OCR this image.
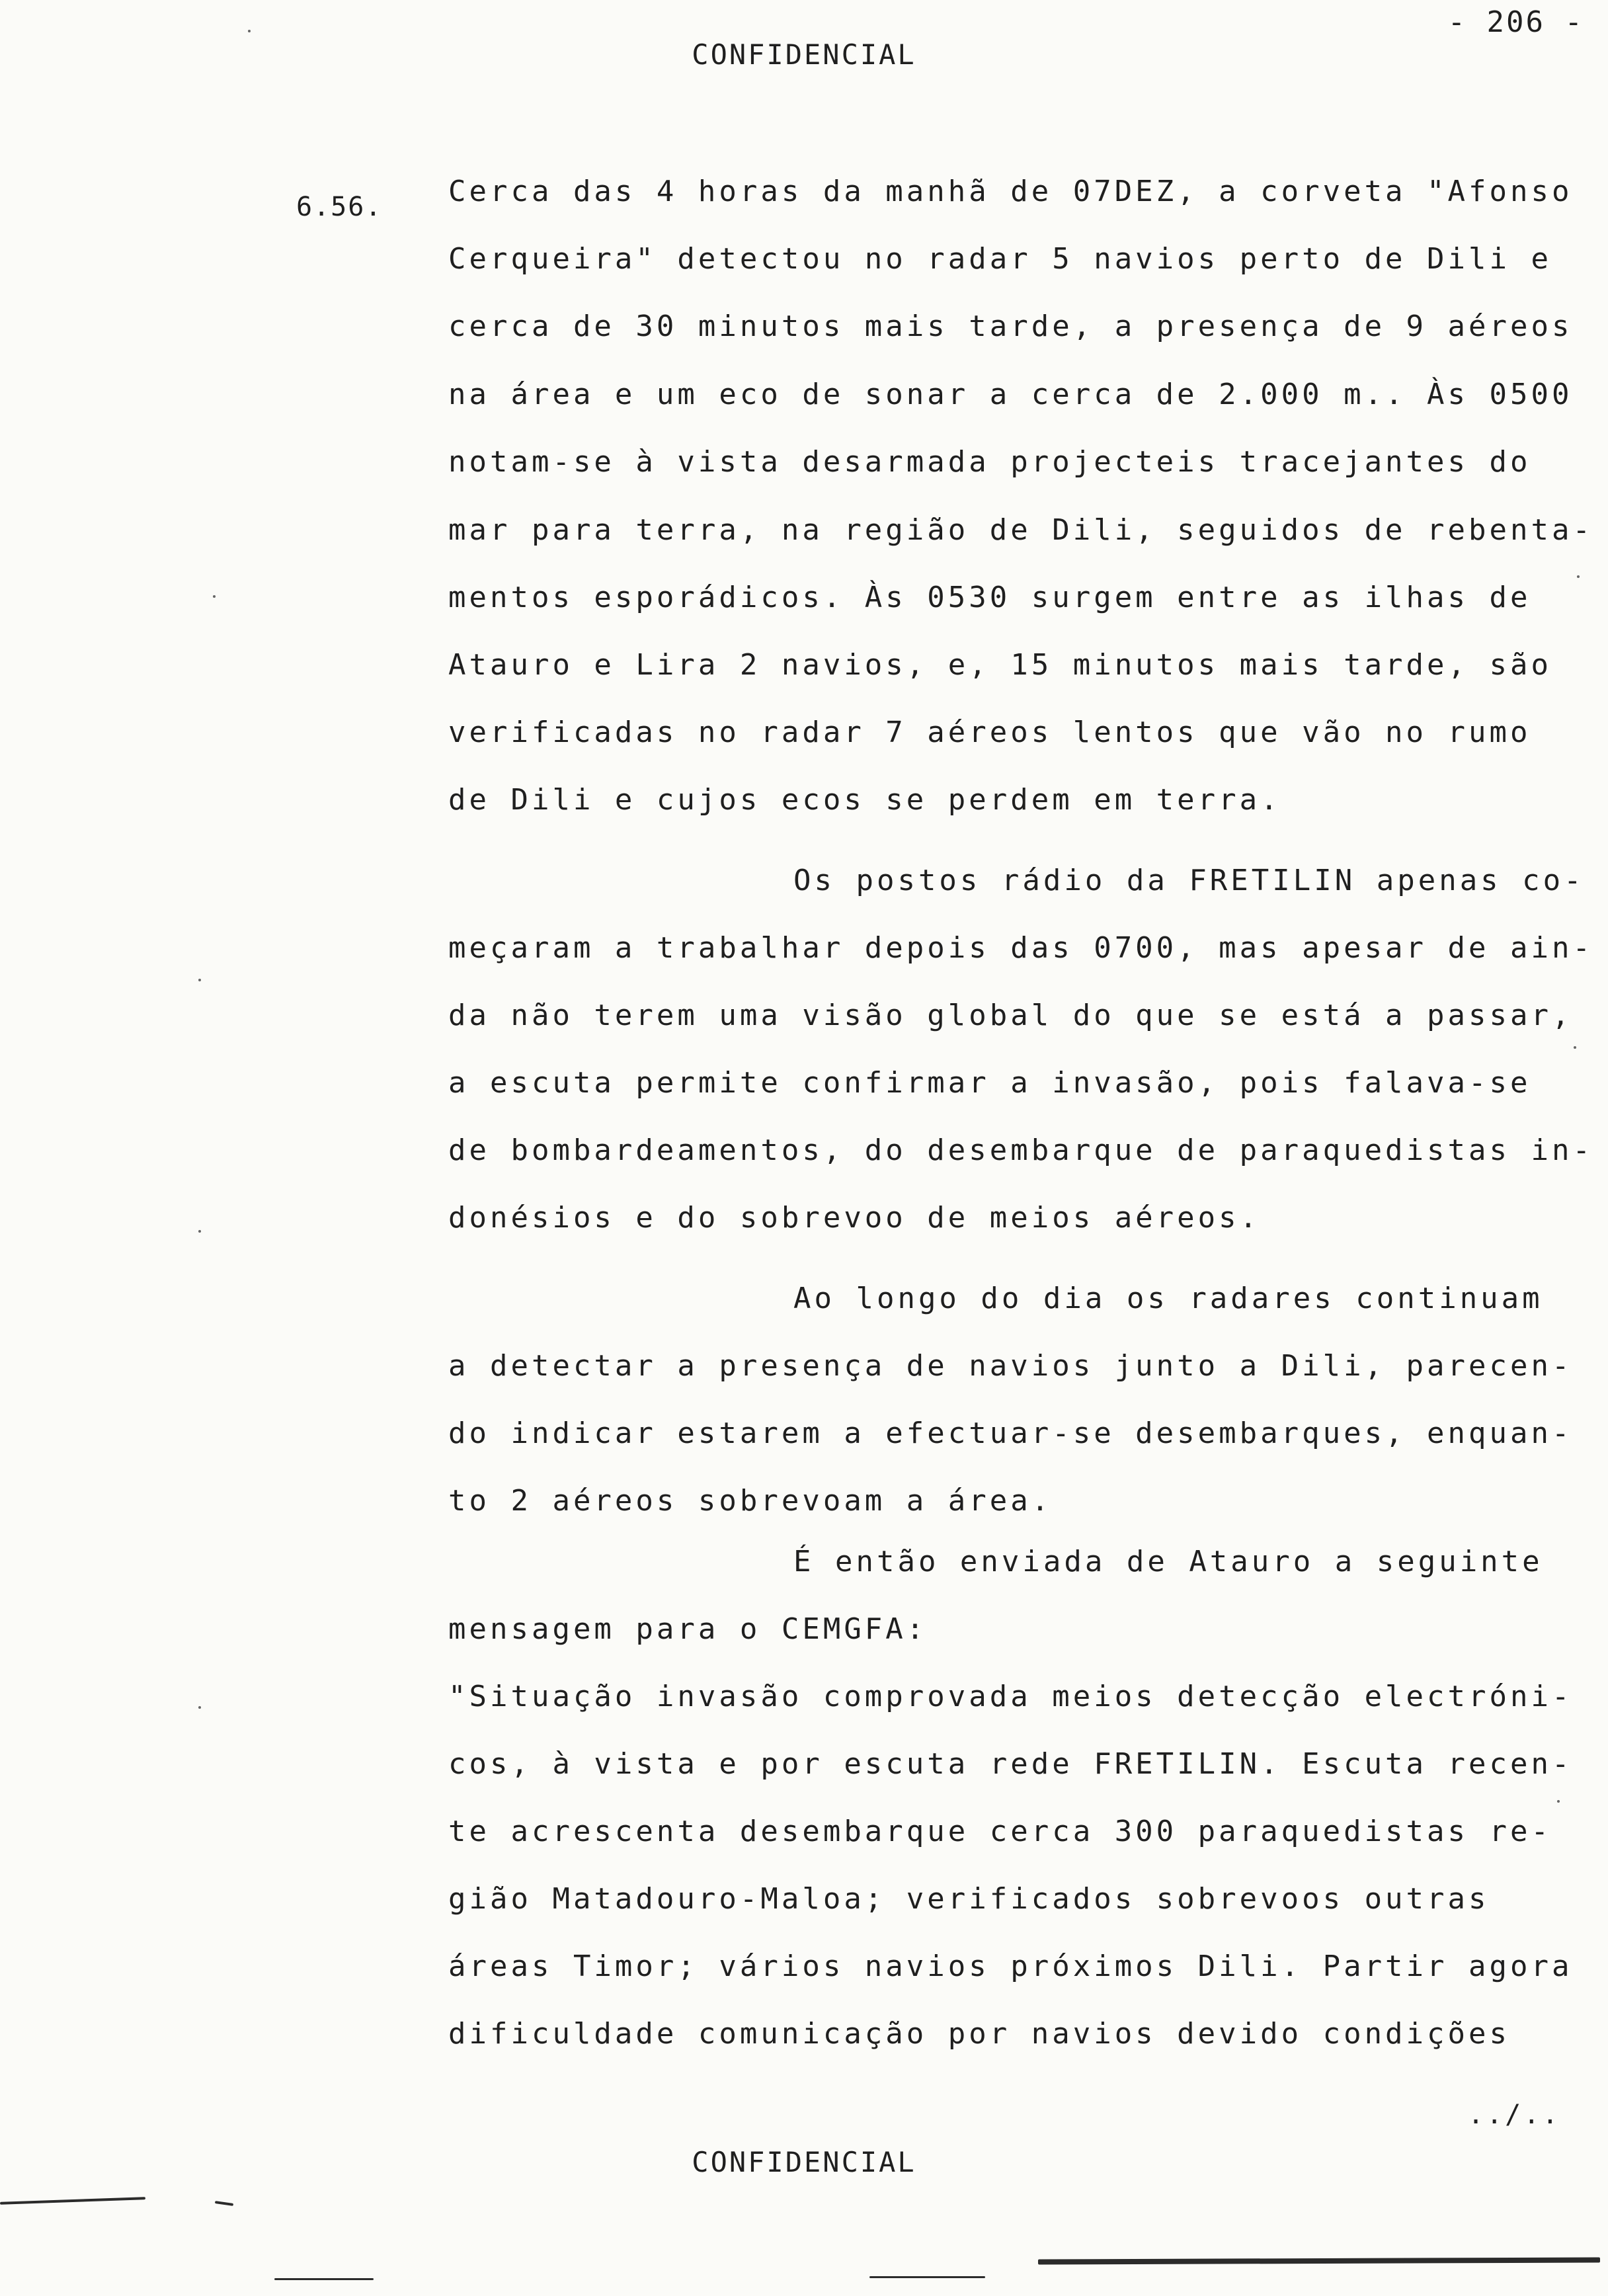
- 206 -
CONFIDENCIAL
6.56. Cerca das 4 horas da manhã de 07DEZ, a corveta "Afonso
Cerqueira" detectou no radar 5 navios perto de Dili e
cerca de 30 minutos mais tarde, a presença de 9 aéreos
na área e um eco de sonar a cerca de 2.000 m.. Às 0500
notam-se à vista desarmada projecteis tracejantes do
mar para terra, na região de Dili, seguidos de rebenta-
mentos esporádicos. Às 0530 surgem entre as ilhas de
Atauro e Lira 2 navios, e, 15 minutos mais tarde, são
verificadas no radar 7 aéreos lentos que vão no rumo
de Dili e cujos ecos se perdem em terra.
Os postos rádio da FRETILIN apenas co-
meçaram a trabalhar depois das 0700, mas apesar de ain-
da não terem uma visão global do que se está a passar,
a escuta permite confirmar a invasão, pois falava-se
de bombardeamentos, do desembarque de paraquedistas in-
donésios e do sobrevoo de meios aéreos.
Ao longo do dia os radares continuam
a detectar a presença de navios junto a Dili, parecen-
do indicar estarem a efectuar-se desembarques, enquan-
to 2 aéreos sobrevoam a área.
É então enviada de Atauro a seguinte
mensagem para o CEMGFA:
"Situação invasão comprovada meios detecção electróni-
cos, à vista e por escuta rede FRETILIN. Escuta recen-
te acrescenta desembarque cerca 300 paraquedistas re-
gião Matadouro-Maloa; verificados sobrevoos outras
áreas Timor; vários navios próximos Dili. Partir agora
dificuldade comunicação por navios devido condições
../..
CONFIDENCIAL
